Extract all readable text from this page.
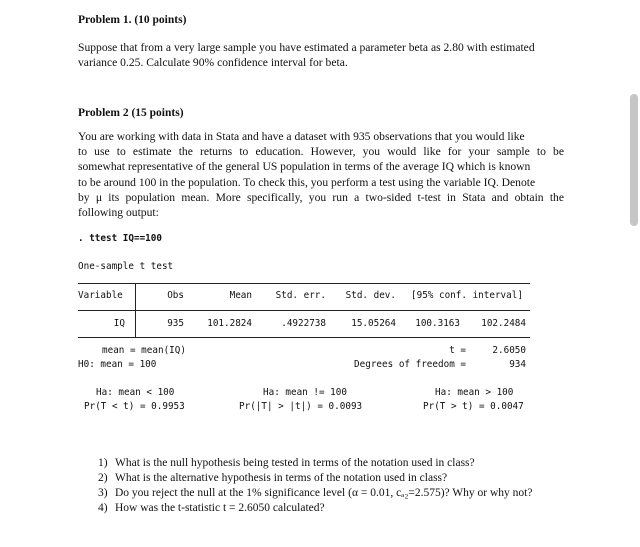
Problem 1. (10 points)
Suppose that from a very large sample you have estimated a parameter beta as 2.80 with estimated
variance 0.25. Calculate 90% confidence interval for beta.
Problem 2 (15 points)
You are working with data in Stata and have a dataset with 935 observations that you would like
to use to estimate the returns to education. However, you would like for your sample to be
somewhat representative of the general US population in terms of the average IQ which is known
to be around 100 in the population. To check this, you perform a test using the variable IQ. Denote
by μ its population mean. More specifically, you run a two-sided t-test in Stata and obtain the
following output:
. ttest IQ==100
One-sample t test
Variable	Obs	Mean	Std. err.	Std. dev. [95% conf. interval]
IQ	935	101.2824	.4922738	15.05264	100.3163	102.2484
mean = mean(IQ)
H0: mean = 100
t =	2.6050
Degrees of freedom =	934
Ha: mean < 100
Pr(T < t) = 0.9953
Ha: mean != 100
Pr(|T| > |t|) = 0.0093
Ha: mean > 100
Pr(T > t) = 0.0047
1) What is the null hypothesis being tested in terms of the notation used in class?
2) What is the alternative hypothesis in terms of the notation used in class?
3) Do you reject the null at the 1% significance level (α = 0.01, cₐ₂=2.575)? Why or why not?
4) How was the t-statistic t = 2.6050 calculated?
